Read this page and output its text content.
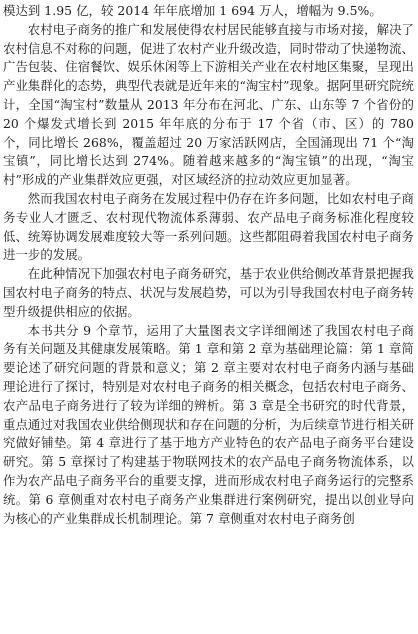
模达到 1.95 亿，较 2014 年年底增加 1 694 万人，增幅为 9.5%。

农村电子商务的推广和发展使得农村居民能够直接与市场对接，解决了农村信息不对称的问题，促进了农村产业升级改造，同时带动了快递物流、广告包装、住宿餐饮、娱乐休闲等上下游相关产业在农村地区集聚，呈现出产业集群化的态势，典型代表就是近年来的“淘宝村”现象。据阿里研究院统计，全国“淘宝村”数量从 2013 年分布在河北、广东、山东等 7 个省份的 20 个爆发式增长到 2015 年年底的分布于 17 个省（市、区）的 780 个，同比增长 268%，覆盖超过 20 万家活跃网店，全国涌现出 71 个“淘宝镇”，同比增长达到 274%。随着越来越多的“淘宝镇”的出现，“淘宝村”形成的产业集群效应更强，对区域经济的拉动效应更加显著。

然而我国农村电子商务在发展过程中仍存在许多问题，比如农村电子商务专业人才匮乏、农村现代物流体系薄弱、农产品电子商务标准化程度较低、统筹协调发展难度较大等一系列问题。这些都阻碍着我国农村电子商务进一步的发展。

在此种情况下加强农村电子商务研究，基于农业供给侧改革背景把握我国农村电子商务的特点、状况与发展趋势，可以为引导我国农村电子商务转型升级提供相应的依据。

本书共分 9 个章节，运用了大量图表文字详细阐述了我国农村电子商务有关问题及其健康发展策略。第 1 章和第 2 章为基础理论篇：第 1 章简要论述了研究问题的背景和意义；第 2 章主要对农村电子商务内涵与基础理论进行了探讨，特别是对农村电子商务的相关概念，包括农村电子商务、农产品电子商务进行了较为详细的辨析。第 3 章是全书研究的时代背景，重点通过对我国农业供给侧现状和存在问题的分析，为后续章节进行相关研究做好铺垫。第 4 章进行了基于地方产业特色的农产品电子商务平台建设研究。第 5 章探讨了构建基于物联网技术的农产品电子商务物流体系，以作为农产品电子商务平台的重要支撑，进而形成农村电子商务运行的完整系统。第 6 章侧重对农村电子商务产业集群进行案例研究，提出以创业导向为核心的产业集群成长机制理论。第 7 章侧重对农村电子商务创
